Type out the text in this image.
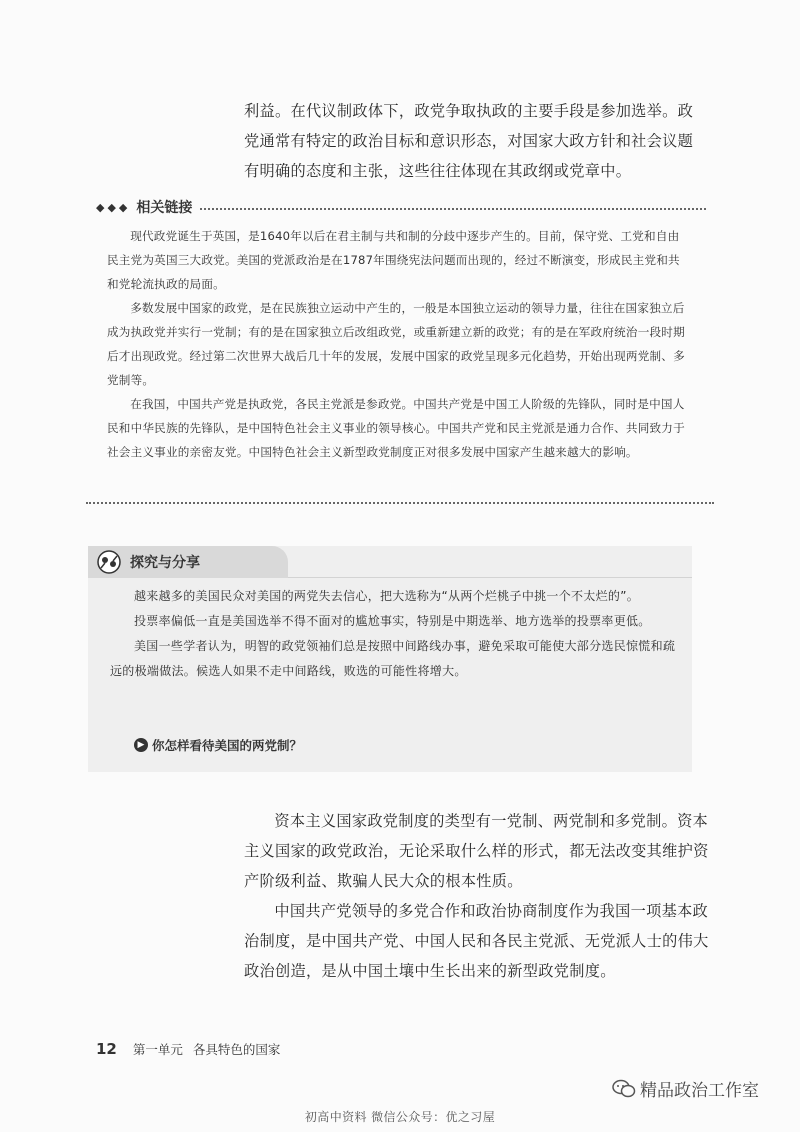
利益。在代议制政体下，政党争取执政的主要手段是参加选举。政

党通常有特定的政治目标和意识形态，对国家大政方针和社会议题

有明确的态度和主张，这些往往体现在其政纲或党章中。

◆◆◆ 相关链接

现代政党诞生于英国，是1640年以后在君主制与共和制的分歧中逐步产生的。目前，保守党、工党和自由民主党为英国三大政党。美国的党派政治是在1787年围绕宪法问题而出现的，经过不断演变，形成民主党和共和党轮流执政的局面。

多数发展中国家的政党，是在民族独立运动中产生的，一般是本国独立运动的领导力量，往往在国家独立后成为执政党并实行一党制；有的是在国家独立后改组政党，或重新建立新的政党；有的是在军政府统治一段时期后才出现政党。经过第二次世界大战后几十年的发展，发展中国家的政党呈现多元化趋势，开始出现两党制、多党制等。

在我国，中国共产党是执政党，各民主党派是参政党。中国共产党是中国工人阶级的先锋队，同时是中国人民和中华民族的先锋队，是中国特色社会主义事业的领导核心。中国共产党和民主党派是通力合作、共同致力于社会主义事业的亲密友党。中国特色社会主义新型政党制度正对很多发展中国家产生越来越大的影响。

探究与分享

越来越多的美国民众对美国的两党失去信心，把大选称为“从两个烂桃子中挑一个不太烂的”。

投票率偏低一直是美国选举不得不面对的尴尬事实，特别是中期选举、地方选举的投票率更低。

美国一些学者认为，明智的政党领袖们总是按照中间路线办事，避免采取可能使大部分选民惊慌和疏远的极端做法。候选人如果不走中间路线，败选的可能性将增大。

▶ 你怎样看待美国的两党制？

资本主义国家政党制度的类型有一党制、两党制和多党制。资本主义国家的政党政治，无论采取什么样的形式，都无法改变其维护资产阶级利益、欺骗人民大众的根本性质。

中国共产党领导的多党合作和政治协商制度作为我国一项基本政治制度，是中国共产党、中国人民和各民主党派、无党派人士的伟大政治创造，是从中国土壤中生长出来的新型政党制度。

12 第一单元 各具特色的国家
精品政治工作室
初高中资料 微信公众号：优之习屋
